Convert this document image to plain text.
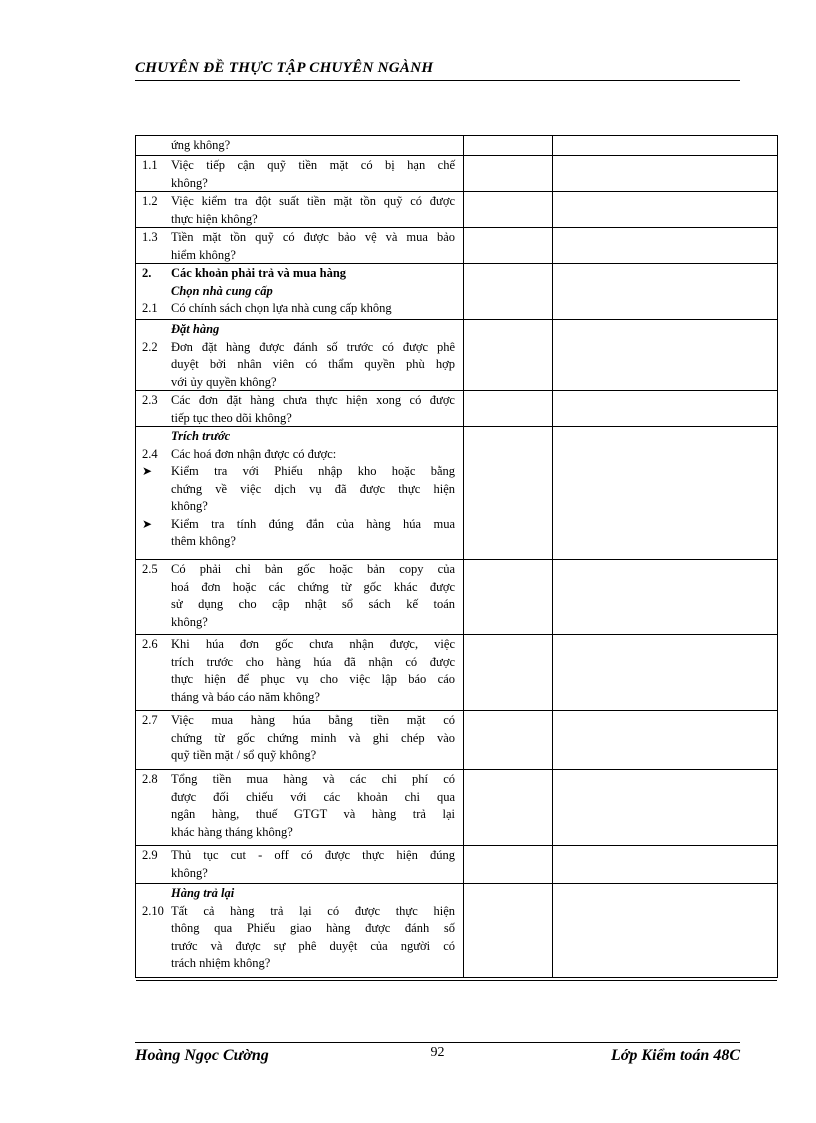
CHUYÊN ĐỀ THỰC TẬP CHUYÊN NGÀNH
ứng không?
1.1	Việc tiếp cận quỹ tiền mặt có bị hạn chế
không?
1.2	Việc kiểm tra đột suất tiền mặt tồn quỹ có được
thực hiện không?
1.3	Tiền mặt tồn quỹ có được bảo vệ và mua bảo
hiểm không?
2.	Các khoản phải trả và mua hàng
Chọn nhà cung cấp
2.1	Có chính sách chọn lựa nhà cung cấp không
Đặt hàng
2.2	Đơn đặt hàng được đánh số trước có được phê
duyệt bởi nhân viên có thẩm quyền phù hợp
với ủy quyền không?
2.3	Các đơn đặt hàng chưa thực hiện xong có được
tiếp tục theo dõi không?
Trích trước
2.4	Các hoá đơn nhận được có được:
➤	Kiểm tra với Phiếu nhập kho hoặc bằng
chứng về việc dịch vụ đã được thực hiện
không?
➤	Kiểm tra tính đúng đắn của hàng húa mua
thêm không?
2.5	Có phải chỉ bản gốc hoặc bản copy của
hoá đơn hoặc các chứng từ gốc khác được
sử dụng cho cập nhật sổ sách kế toán
không?
2.6	Khi húa đơn gốc chưa nhận được, việc
trích trước cho hàng húa đã nhận có được
thực hiện để phục vụ cho việc lập báo cáo
tháng và báo cáo năm không?
2.7	Việc mua hàng húa bằng tiền mặt có
chứng từ gốc chứng minh và ghi chép vào
quỹ tiền mặt / sổ quỹ không?
2.8	Tổng tiền mua hàng và các chi phí có
được đối chiếu với các khoản chi qua
ngân hàng, thuế GTGT và hàng trả lại
khác hàng tháng không?
2.9	Thủ tục cut - off có được thực hiện đúng
không?
Hàng trả lại
2.10 Tất cả hàng trả lại có được thực hiện
thông qua Phiếu giao hàng được đánh số
trước và được sự phê duyệt của người có
trách nhiệm không?
Hoàng Ngọc Cường	92	Lớp Kiểm toán 48C
